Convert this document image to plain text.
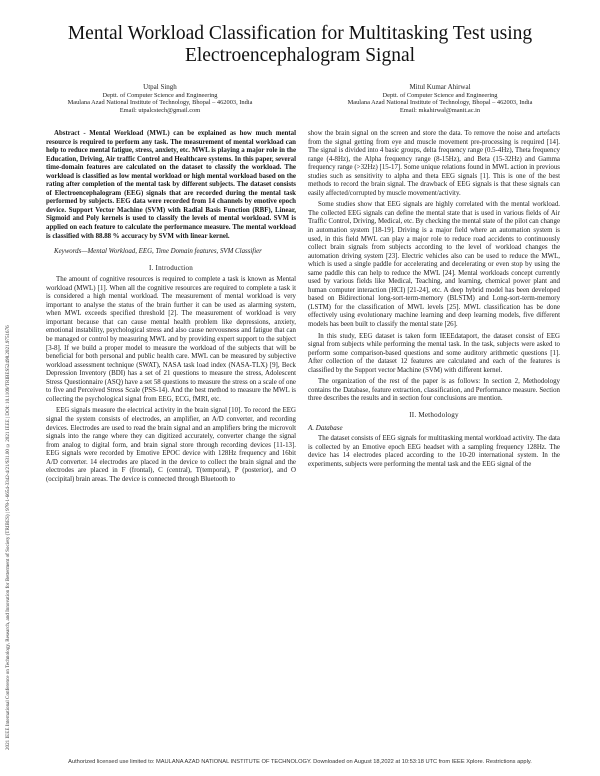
2021 IEEE International Conference on Technology, Research, and Innovation for Betterment of Society (TRIBES) | 978-1-6654-3342-4/21/$31.00 ©2021 IEEE | DOI: 10.1109/TRIBES52498.2021.9751676
Mental Workload Classification for Multitasking Test using Electroencephalogram Signal
Utpal Singh
Deptt. of Computer Science and Engineering
Maulana Azad National Institute of Technology, Bhopal – 462003, India
Email: utpalcstech@gmail.com
Mitul Kumar Ahirwal
Deptt. of Computer Science and Engineering
Maulana Azad National Institute of Technology, Bhopal – 462003, India
Email: mkahirwal@manit.ac.in
Abstract - Mental Workload (MWL) can be explained as how much mental resource is required to perform any task. The measurement of mental workload can help to reduce mental fatigue, stress, anxiety, etc. MWL is playing a major role in the Education, Driving, Air traffic Control and Healthcare systems. In this paper, several time-domain features are calculated on the dataset to classify the workload. The workload is classified as low mental workload or high mental workload based on the rating after completion of the mental task by different subjects. The dataset consists of Electroencephalogram (EEG) signals that are recorded during the mental task performed by subjects. EEG data were recorded from 14 channels by emotive epoch device. Support Vector Machine (SVM) with Radial Basis Function (RBF), Linear, Sigmoid and Poly kernels is used to classify the levels of mental workload. SVM is applied on each feature to calculate the performance measure. The mental workload is classified with 88.88 % accuracy by SVM with linear kernel.
Keywords—Mental Workload, EEG, Time Domain features, SVM Classifier
I. Introduction

The amount of cognitive resources is required to complete a task is known as Mental workload (MWL) [1]. When all the cognitive resources are required to complete a task it is considered a high mental workload. The measurement of mental workload is very important to analyse the status of the brain further it can be used as alarming system, when MWL exceeds specified threshold [2]. The measurement of workload is very important because that can cause mental health problem like depressions, anxiety, emotional instability, psychological stress and also cause nervousness and fatigue that can be managed or control by measuring MWL and by providing expert support to the subject [3-8]. If we build a proper model to measure the workload of the subjects that will be beneficial for both personal and public health care. MWL can be measured by subjective workload assessment technique (SWAT), NASA task load index (NASA-TLX) [9], Beck Depression Inventory (BDI) has a set of 21 questions to measure the stress, Adolescent Stress Questionnaire (ASQ) have a set 58 questions to measure the stress on a scale of one to five and Perceived Stress Scale (PSS-14). And the best method to measure the MWL is collecting the psychological signal from EEG, ECG, fMRI, etc.

EEG signals measure the electrical activity in the brain signal [10]. To record the EEG signal the system consists of electrodes, an amplifier, an A/D converter, and recording devices. Electrodes are used to read the brain signal and an amplifiers bring the microvolt signals into the range where they can digitized accurately, converter change the signal from analog to digital form, and brain signal store through recording devices [11-13]. EEG signals were recorded by Emotive EPOC device with 128Hz frequency and 16bit A/D converter. 14 electrodes are placed in the device to collect the brain signal and the electrodes are placed in F (frontal), C (central), T(temporal), P (posterior), and O (occipital) brain areas. The device is connected through Bluetooth to

show the brain signal on the screen and store the data. To remove the noise and artefacts from the signal getting from eye and muscle movement pre-processing is required [14]. The signal is divided into 4 basic groups, delta frequency range (0.5-4Hz), Theta frequency range (4-8Hz), the Alpha frequency range (8-15Hz), and Beta (15-32Hz) and Gamma frequency range (>32Hz) [15-17]. Some unique relations found in MWL action in previous studies such as sensitivity to alpha and theta EEG signals [1]. This is one of the best methods to record the brain signal. The drawback of EEG signals is that these signals can easily affected/corrupted by muscle movement/activity.

Some studies show that EEG signals are highly correlated with the mental workload. The collected EEG signals can define the mental state that is used in various fields of Air Traffic Control, Driving, Medical, etc. By checking the mental state of the pilot can change in automation system [18-19]. Driving is a major field where an automation system is used, in this field MWL can play a major role to reduce road accidents to continuously collect brain signals from subjects according to the level of workload changes the automation driving system [23]. Electric vehicles also can be used to reduce the MWL, which is used a single paddle for accelerating and decelerating or even stop by using the same paddle this can help to reduce the MWL [24]. Mental workloads concept currently used by various fields like Medical, Teaching, and learning, chemical power plant and human computer interaction (HCI) [21-24], etc. A deep hybrid model has been developed based on Bidirectional long-sort-term-memory (BLSTM) and Long-sort-term-memory (LSTM) for the classification of MWL levels [25]. MWL classification has be done effectively using evolutionary machine learning and deep learning models, five different models has been built to classify the mental state [26].

In this study, EEG dataset is taken form IEEEdataport, the dataset consist of EEG signal from subjects while performing the mental task. In the task, subjects were asked to perform some comparison-based questions and some auditory arithmetic questions [1]. After collection of the dataset 12 features are calculated and each of the features is classified by the Support vector Machine (SVM) with different kernel.

The organization of the rest of the paper is as follows: In section 2, Methodology contains the Database, feature extraction, classification, and Performance measure. Section three describes the results and in section four conclusions are mention.

II. Methodology
A. Database

The dataset consists of EEG signals for multitasking mental workload activity. The data is collected by an Emotive epoch EEG headset with a sampling frequency 128Hz. The device has 14 electrodes placed according to the 10-20 international system. In the experiments, subjects were performing the mental task and the EEG signal of the

Authorized licensed use limited to: MAULANA AZAD NATIONAL INSTITUTE OF TECHNOLOGY. Downloaded on August 18,2022 at 10:53:18 UTC from IEEE Xplore. Restrictions apply.
